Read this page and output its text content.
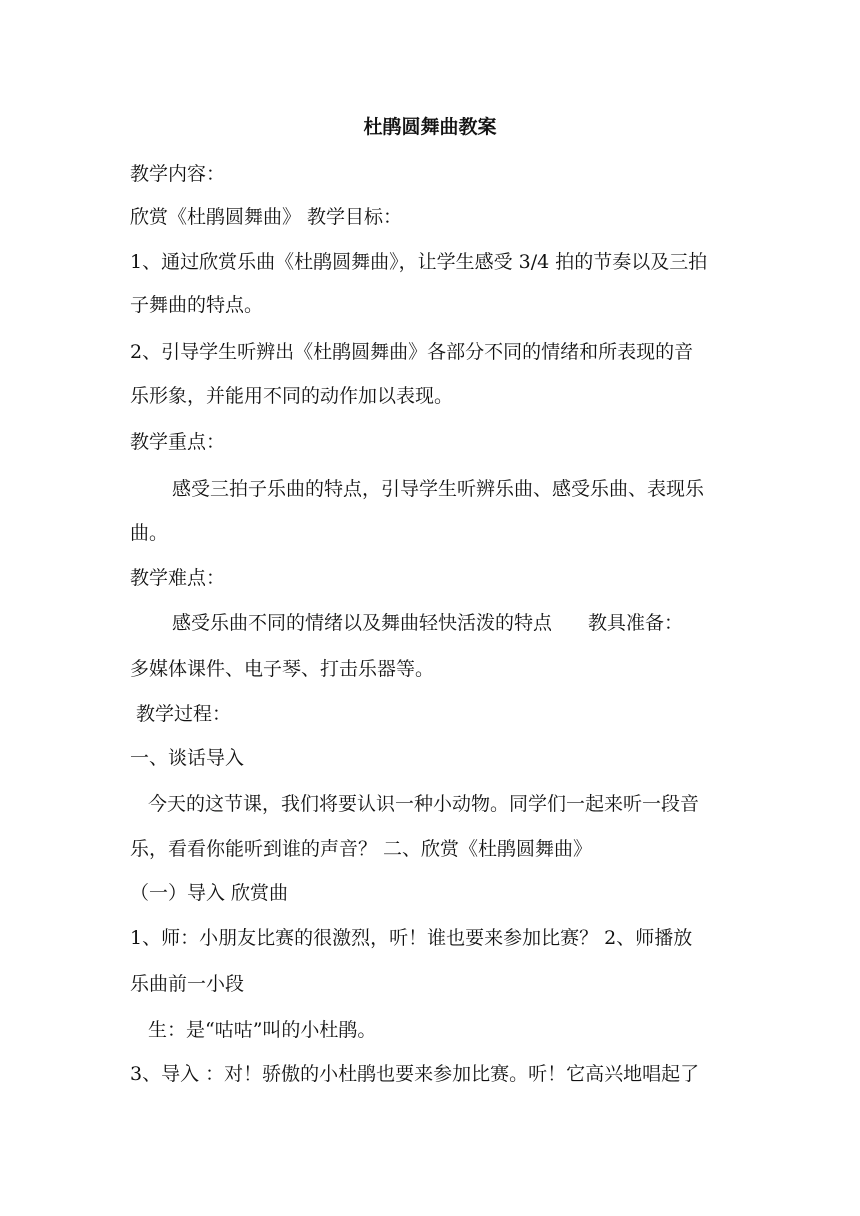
杜鹃圆舞曲教案
教学内容：
欣赏《杜鹃圆舞曲》 教学目标：
1、通过欣赏乐曲《杜鹃圆舞曲》，让学生感受 3/4 拍的节奏以及三拍
子舞曲的特点。
2、引导学生听辨出《杜鹃圆舞曲》各部分不同的情绪和所表现的音
乐形象，并能用不同的动作加以表现。
教学重点：
感受三拍子乐曲的特点，引导学生听辨乐曲、感受乐曲、表现乐
曲。
教学难点：
感受乐曲不同的情绪以及舞曲轻快活泼的特点 教具准备：
多媒体课件、电子琴、打击乐器等。
教学过程：
一、谈话导入
今天的这节课，我们将要认识一种小动物。同学们一起来听一段音
乐，看看你能听到谁的声音？ 二、欣赏《杜鹃圆舞曲》
（一）导入 欣赏曲
1、师：小朋友比赛的很激烈，听！谁也要来参加比赛？ 2、师播放
乐曲前一小段
生：是“咕咕”叫的小杜鹃。
3、导入 ：对！骄傲的小杜鹃也要来参加比赛。听！它高兴地唱起了
